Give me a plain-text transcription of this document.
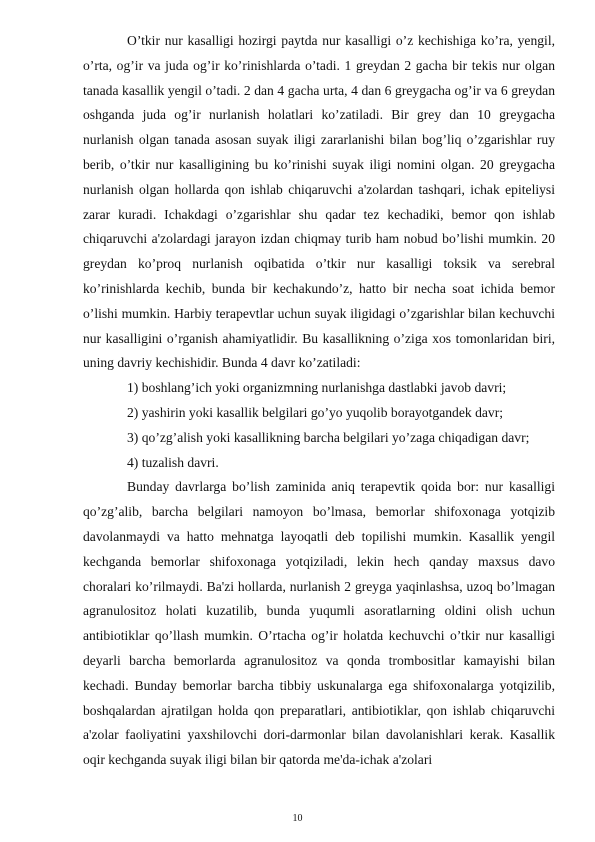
O’tkir nur kasalligi hozirgi paytda nur kasalligi o’z kechishiga ko’ra, yengil, o’rta, og’ir va juda og’ir ko’rinishlarda o’tadi. 1 greydan 2 gacha bir tekis nur olgan tanada kasallik yengil o’tadi. 2 dan 4 gacha urta, 4 dan 6 greygacha og’ir va 6 greydan oshganda juda og’ir nurlanish holatlari ko’zatiladi. Bir grey dan 10 greygacha nurlanish olgan tanada asosan suyak iligi zararlanishi bilan bog’liq o’zgarishlar ruy berib, o’tkir nur kasalligining bu ko’rinishi suyak iligi nomini olgan. 20 greygacha nurlanish olgan hollarda qon ishlab chiqaruvchi a'zolardan tashqari, ichak epiteliysi zarar kuradi. Ichakdagi o’zgarishlar shu qadar tez kechadiki, bemor qon ishlab chiqaruvchi a'zolardagi jarayon izdan chiqmay turib ham nobud bo’lishi mumkin. 20 greydan ko’proq nurlanish oqibatida o’tkir nur kasalligi toksik va serebral ko’rinishlarda kechib, bunda bir kechakundo’z, hatto bir necha soat ichida bemor o’lishi mumkin. Harbiy terapevtlar uchun suyak iligidagi o’zgarishlar bilan kechuvchi nur kasalligini o’rganish ahamiyatlidir. Bu kasallikning o’ziga xos tomonlaridan biri, uning davriy kechishidir. Bunda 4 davr ko’zatiladi:

1) boshlang’ich yoki organizmning nurlanishga dastlabki javob davri;

2) yashirin yoki kasallik belgilari go’yo yuqolib borayotgandek davr;

3) qo’zg’alish yoki kasallikning barcha belgilari yo’zaga chiqadigan davr;

4) tuzalish davri.

Bunday davrlarga bo’lish zaminida aniq terapevtik qoida bor: nur kasalligi qo’zg’alib, barcha belgilari namoyon bo’lmasa, bemorlar shifoxonaga yotqizib davolanmaydi va hatto mehnatga layoqatli deb topilishi mumkin. Kasallik yengil kechganda bemorlar shifoxonaga yotqiziladi, lekin hech qanday maxsus davo choralari ko’rilmaydi. Ba'zi hollarda, nurlanish 2 greyga yaqinlashsa, uzoq bo’lmagan agranulositoz holati kuzatilib, bunda yuqumli asoratlarning oldini olish uchun antibiotiklar qo’llash mumkin. O’rtacha og’ir holatda kechuvchi o’tkir nur kasalligi deyarli barcha bemorlarda agranulositoz va qonda trombositlar kamayishi bilan kechadi. Bunday bemorlar barcha tibbiy uskunalarga ega shifoxonalarga yotqizilib, boshqalardan ajratilgan holda qon preparatlari, antibiotiklar, qon ishlab chiqaruvchi a'zolar faoliyatini yaxshilovchi dori-darmonlar bilan davolanishlari kerak. Kasallik oqir kechganda suyak iligi bilan bir qatorda me'da-ichak a'zolari

10
